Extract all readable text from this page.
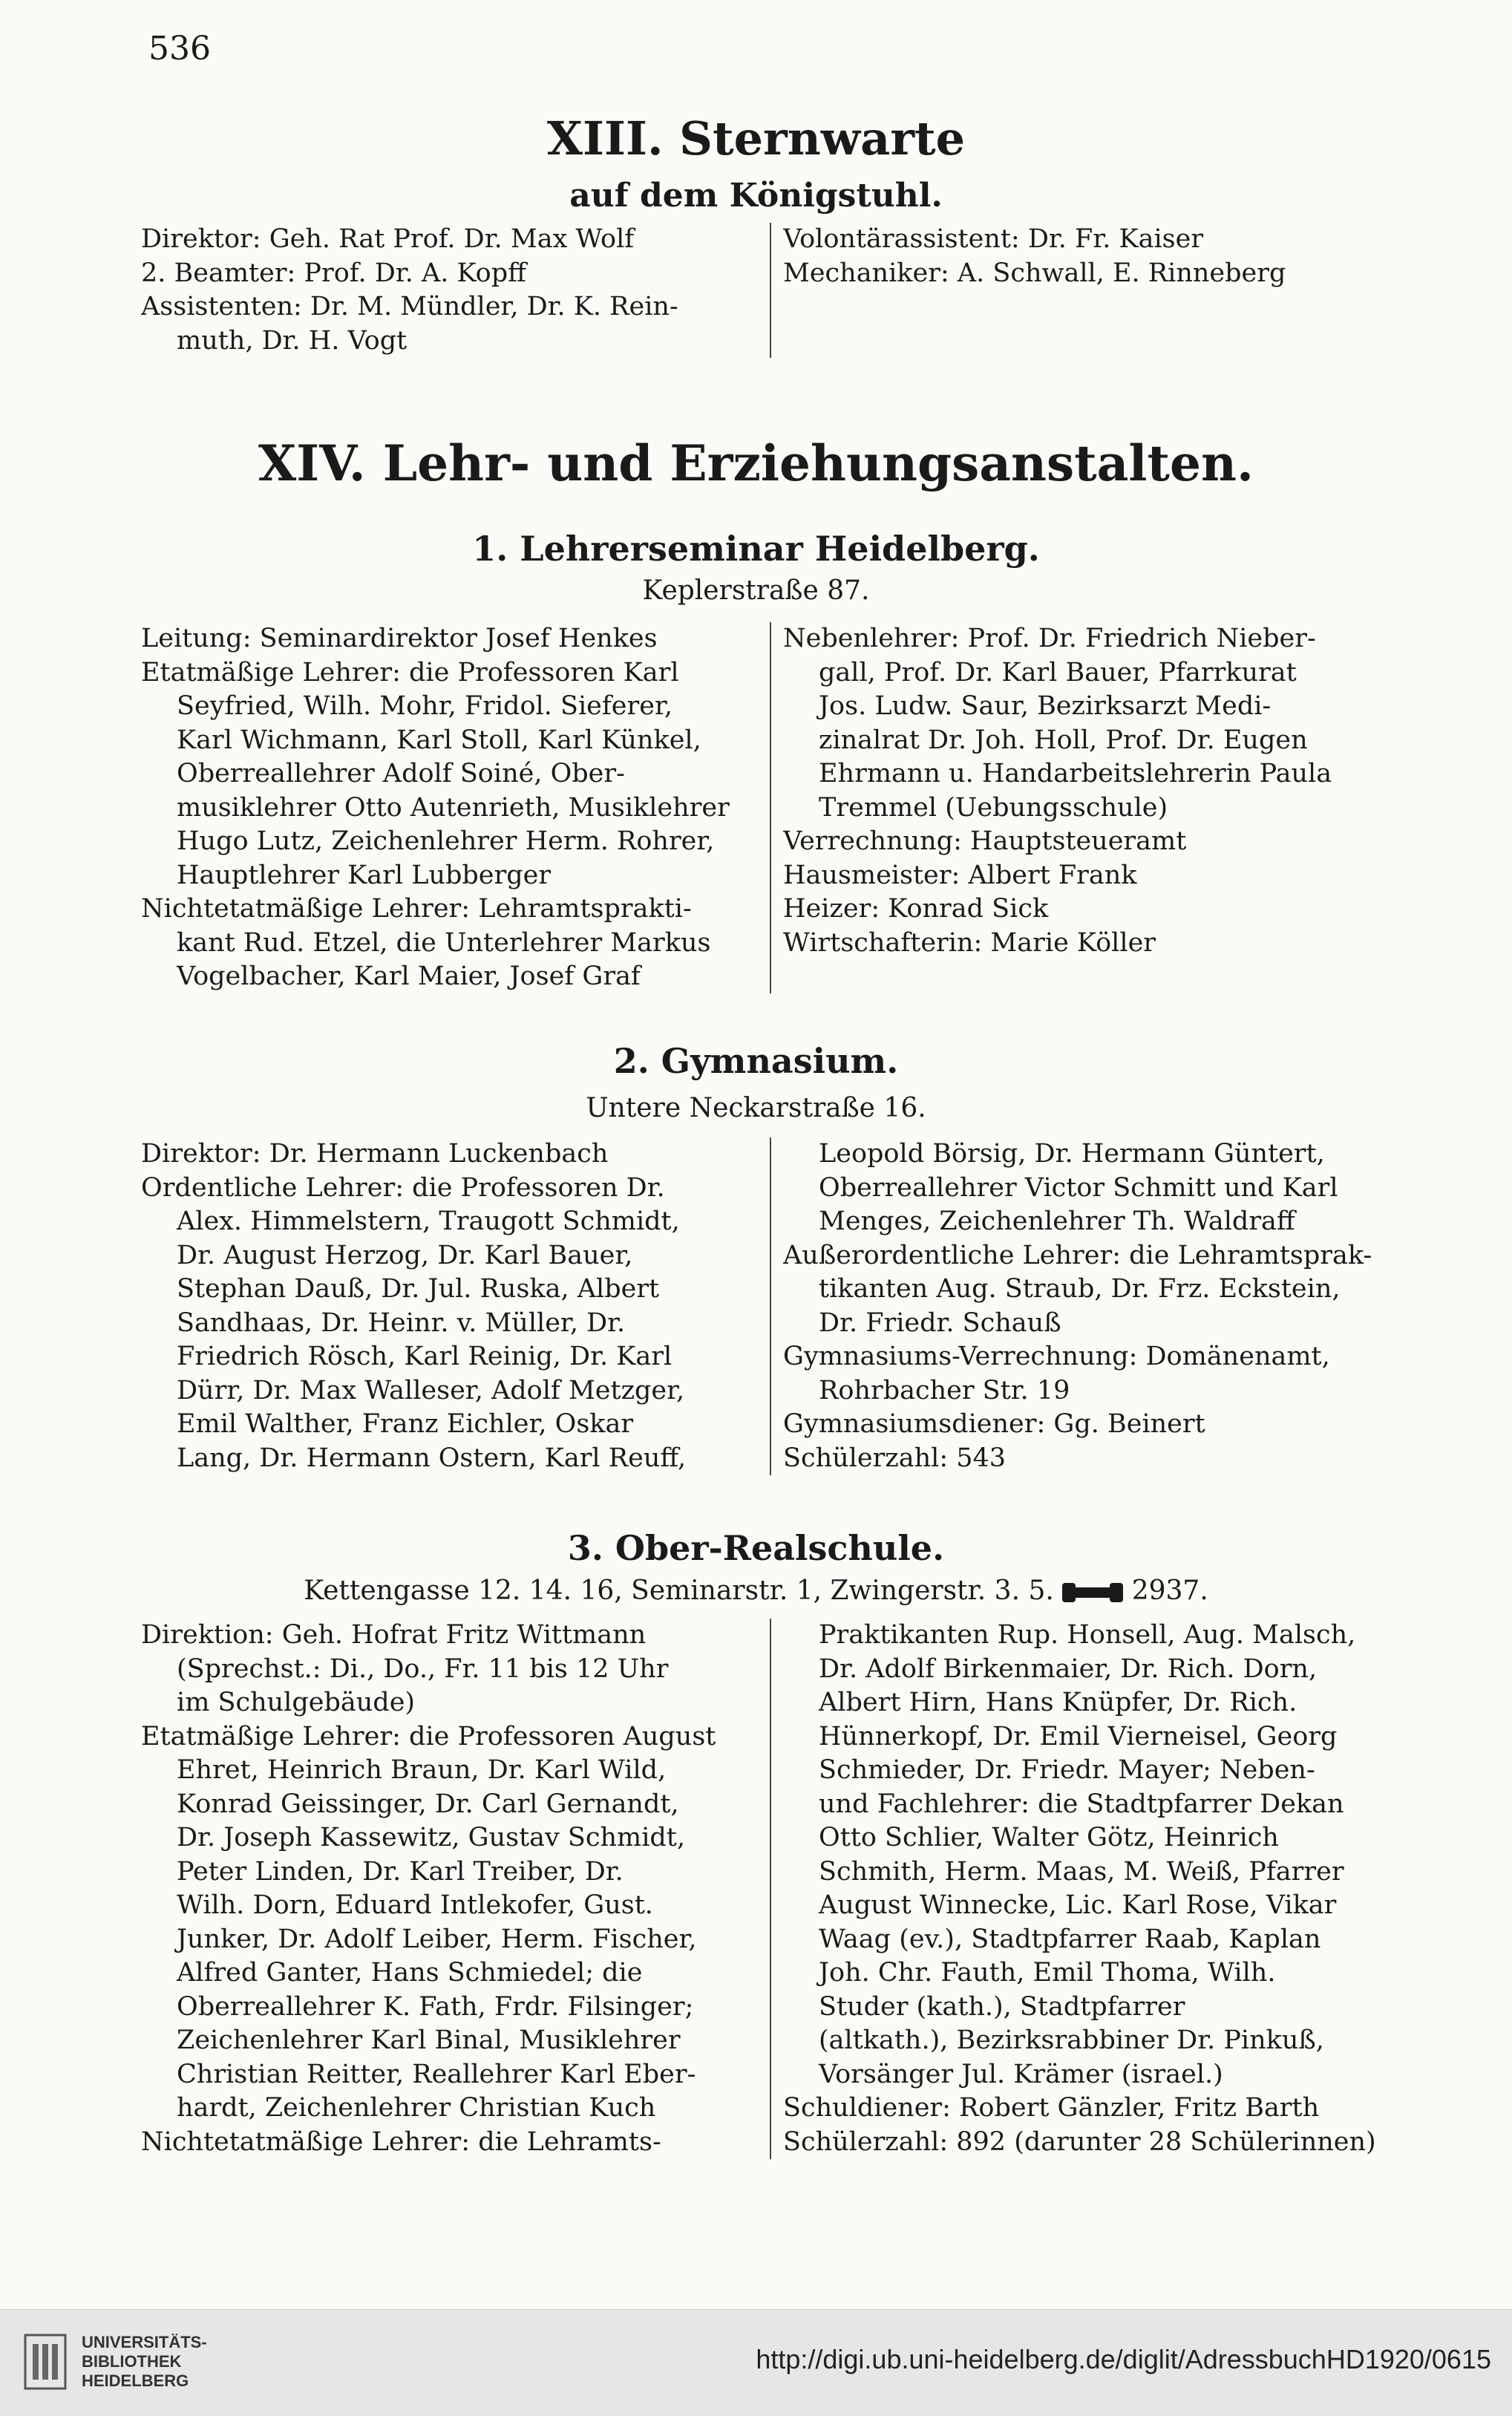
536
XIII. Sternwarte
auf dem Königstuhl.
Direktor: Geh. Rat Prof. Dr. Max Wolf
2. Beamter: Prof. Dr. A. Kopff
Assistenten: Dr. M. Mündler, Dr. K. Rein-
muth, Dr. H. Vogt
Volontärassistent: Dr. Fr. Kaiser
Mechaniker: A. Schwall, E. Rinneberg
XIV. Lehr- und Erziehungsanstalten.
1. Lehrerseminar Heidelberg.
Keplerstraße 87.
Leitung: Seminardirektor Josef Henkes
Etatmäßige Lehrer: die Professoren Karl
Seyfried, Wilh. Mohr, Fridol. Sieferer,
Karl Wichmann, Karl Stoll, Karl Künkel,
Oberreallehrer Adolf Soiné, Ober-
musiklehrer Otto Autenrieth, Musiklehrer
Hugo Lutz, Zeichenlehrer Herm. Rohrer,
Hauptlehrer Karl Lubberger
Nichtetatmäßige Lehrer: Lehramtsprakti-
kant Rud. Etzel, die Unterlehrer Markus
Vogelbacher, Karl Maier, Josef Graf
Nebenlehrer: Prof. Dr. Friedrich Nieber-
gall, Prof. Dr. Karl Bauer, Pfarrkurat
Jos. Ludw. Saur, Bezirksarzt Medi-
zinalrat Dr. Joh. Holl, Prof. Dr. Eugen
Ehrmann u. Handarbeitslehrerin Paula
Tremmel (Uebungsschule)
Verrechnung: Hauptsteueramt
Hausmeister: Albert Frank
Heizer: Konrad Sick
Wirtschafterin: Marie Köller
2. Gymnasium.
Untere Neckarstraße 16.
Direktor: Dr. Hermann Luckenbach
Ordentliche Lehrer: die Professoren Dr.
Alex. Himmelstern, Traugott Schmidt,
Dr. August Herzog, Dr. Karl Bauer,
Stephan Dauß, Dr. Jul. Ruska, Albert
Sandhaas, Dr. Heinr. v. Müller, Dr.
Friedrich Rösch, Karl Reinig, Dr. Karl
Dürr, Dr. Max Walleser, Adolf Metzger,
Emil Walther, Franz Eichler, Oskar
Lang, Dr. Hermann Ostern, Karl Reuff,
Leopold Börsig, Dr. Hermann Güntert,
Oberreallehrer Victor Schmitt und Karl
Menges, Zeichenlehrer Th. Waldraff
Außerordentliche Lehrer: die Lehramtsprak-
tikanten Aug. Straub, Dr. Frz. Eckstein,
Dr. Friedr. Schauß
Gymnasiums-Verrechnung: Domänenamt,
Rohrbacher Str. 19
Gymnasiumsdiener: Gg. Beinert
Schülerzahl: 543
3. Ober-Realschule.
Kettengasse 12. 14. 16, Seminarstr. 1, Zwingerstr. 3. 5.	2937.
Direktion: Geh. Hofrat Fritz Wittmann
(Sprechst.: Di., Do., Fr. 11 bis 12 Uhr
im Schulgebäude)
Etatmäßige Lehrer: die Professoren August
Ehret, Heinrich Braun, Dr. Karl Wild,
Konrad Geissinger, Dr. Carl Gernandt,
Dr. Joseph Kassewitz, Gustav Schmidt,
Peter Linden, Dr. Karl Treiber, Dr.
Wilh. Dorn, Eduard Intlekofer, Gust.
Junker, Dr. Adolf Leiber, Herm. Fischer,
Alfred Ganter, Hans Schmiedel; die
Oberreallehrer K. Fath, Frdr. Filsinger;
Zeichenlehrer Karl Binal, Musiklehrer
Christian Reitter, Reallehrer Karl Eber-
hardt, Zeichenlehrer Christian Kuch
Nichtetatmäßige Lehrer: die Lehramts-
Praktikanten Rup. Honsell, Aug. Malsch,
Dr. Adolf Birkenmaier, Dr. Rich. Dorn,
Albert Hirn, Hans Knüpfer, Dr. Rich.
Hünnerkopf, Dr. Emil Vierneisel, Georg
Schmieder, Dr. Friedr. Mayer; Neben-
und Fachlehrer: die Stadtpfarrer Dekan
Otto Schlier, Walter Götz, Heinrich
Schmith, Herm. Maas, M. Weiß, Pfarrer
August Winnecke, Lic. Karl Rose, Vikar
Waag (ev.), Stadtpfarrer Raab, Kaplan
Joh. Chr. Fauth, Emil Thoma, Wilh.
Studer (kath.), Stadtpfarrer
(altkath.), Bezirksrabbiner Dr. Pinkuß,
Vorsänger Jul. Krämer (israel.)
Schuldiener: Robert Gänzler, Fritz Barth
Schülerzahl: 892 (darunter 28 Schülerinnen)
UNIVERSITÄTS-
BIBLIOTHEK
HEIDELBERG
http://digi.ub.uni-heidelberg.de/diglit/AdressbuchHD1920/0615
